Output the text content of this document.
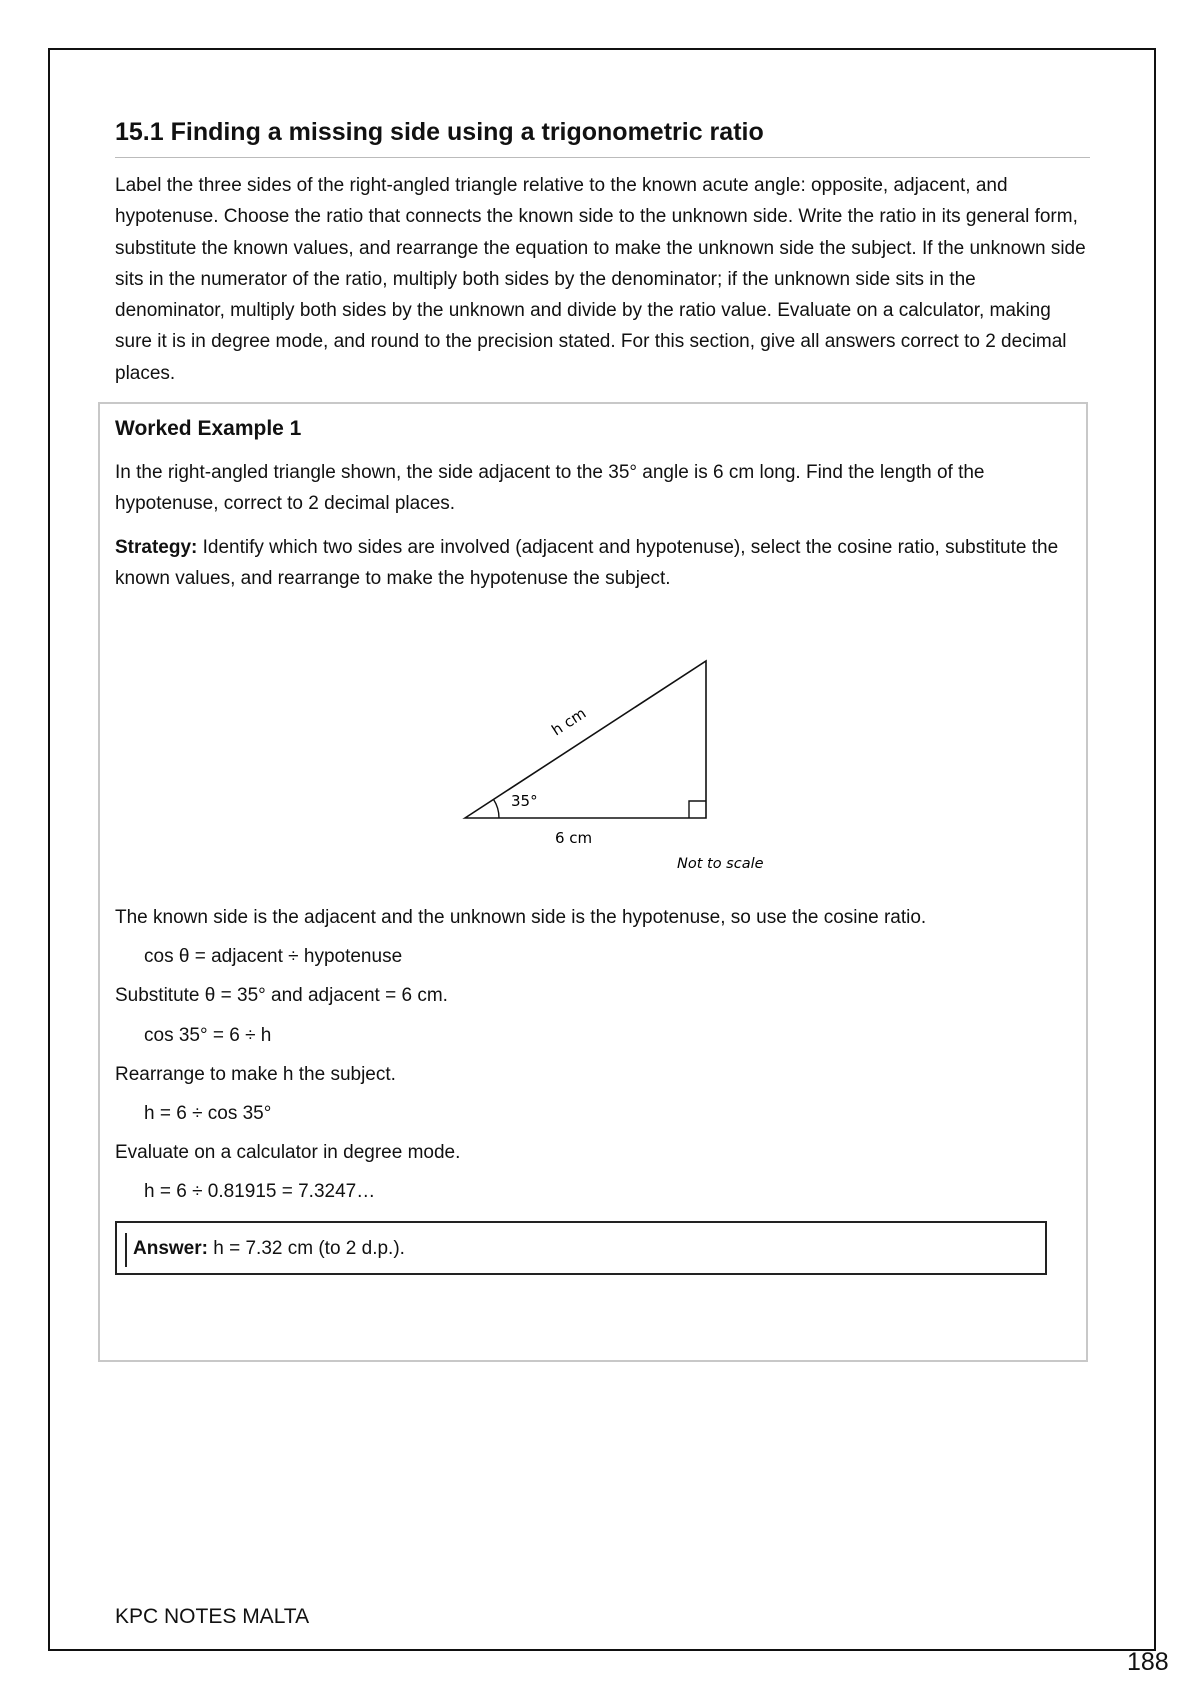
15.1 Finding a missing side using a trigonometric ratio
Label the three sides of the right-angled triangle relative to the known acute angle: opposite, adjacent, and hypotenuse. Choose the ratio that connects the known side to the unknown side. Write the ratio in its general form, substitute the known values, and rearrange the equation to make the unknown side the subject. If the unknown side sits in the numerator of the ratio, multiply both sides by the denominator; if the unknown side sits in the denominator, multiply both sides by the unknown and divide by the ratio value. Evaluate on a calculator, making sure it is in degree mode, and round to the precision stated. For this section, give all answers correct to 2 decimal places.
Worked Example 1
In the right-angled triangle shown, the side adjacent to the 35° angle is 6 cm long. Find the length of the hypotenuse, correct to 2 decimal places.
Strategy: Identify which two sides are involved (adjacent and hypotenuse), select the cosine ratio, substitute the known values, and rearrange to make the hypotenuse the subject.
35°
h cm
6 cm
Not to scale
The known side is the adjacent and the unknown side is the hypotenuse, so use the cosine ratio.
cos θ = adjacent ÷ hypotenuse
Substitute θ = 35° and adjacent = 6 cm.
cos 35° = 6 ÷ h
Rearrange to make h the subject.
h = 6 ÷ cos 35°
Evaluate on a calculator in degree mode.
h = 6 ÷ 0.81915 = 7.3247…
Answer: h = 7.32 cm (to 2 d.p.).
KPC NOTES MALTA
188
